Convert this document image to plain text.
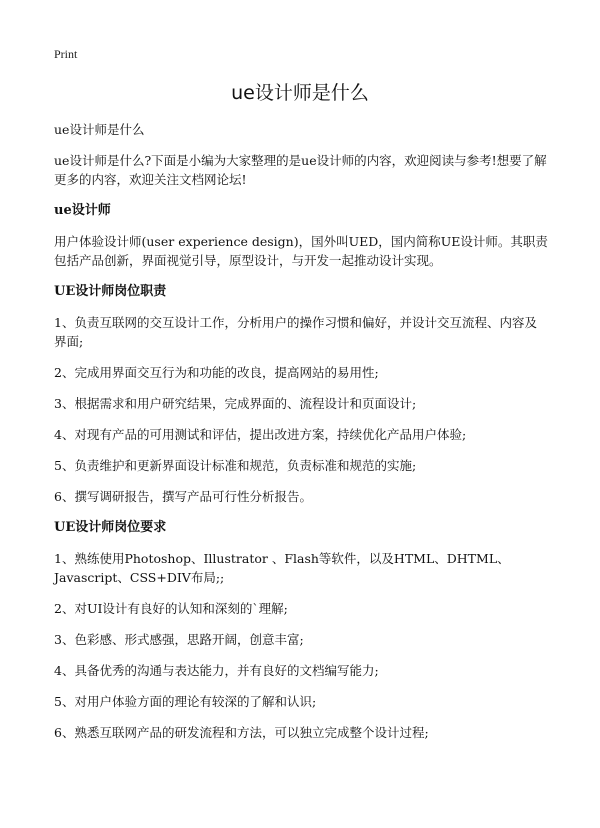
Print
ue设计师是什么

ue设计师是什么

ue设计师是什么?下面是小编为大家整理的是ue设计师的内容，欢迎阅读与参考!想要了解更多的内容，欢迎关注文档网论坛!

ue设计师

用户体验设计师(user experience design)，国外叫UED，国内简称UE设计师。其职责包括产品创新，界面视觉引导，原型设计，与开发一起推动设计实现。

UE设计师岗位职责

1、负责互联网的交互设计工作，分析用户的操作习惯和偏好，并设计交互流程、内容及界面;

2、完成用界面交互行为和功能的改良，提高网站的易用性;

3、根据需求和用户研究结果，完成界面的、流程设计和页面设计;

4、对现有产品的可用测试和评估，提出改进方案，持续优化产品用户体验;

5、负责维护和更新界面设计标准和规范，负责标准和规范的实施;

6、撰写调研报告，撰写产品可行性分析报告。

UE设计师岗位要求

1、熟练使用Photoshop、Illustrator 、Flash等软件，以及HTML、DHTML、Javascript、CSS+DIV布局;;

2、对UI设计有良好的认知和深刻的`理解;

3、色彩感、形式感强，思路开阔，创意丰富;

4、具备优秀的沟通与表达能力，并有良好的文档编写能力;

5、对用户体验方面的理论有较深的了解和认识;

6、熟悉互联网产品的研发流程和方法，可以独立完成整个设计过程;
